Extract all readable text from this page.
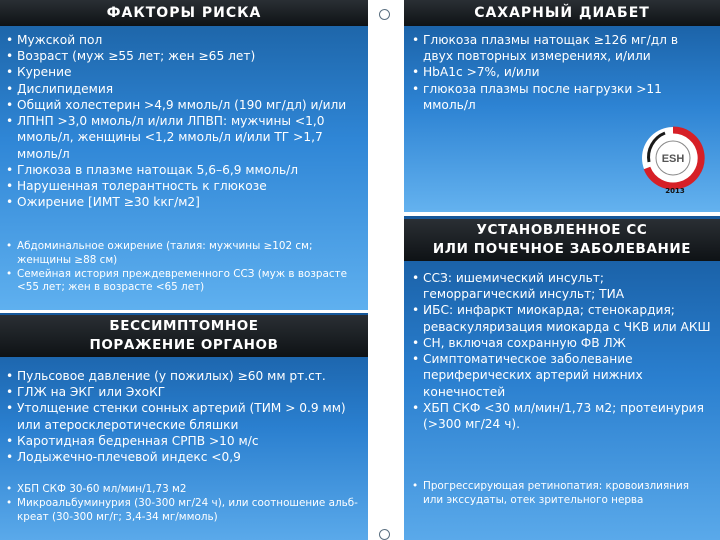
ФАКТОРЫ РИСКА
• Мужской пол
• Возраст (муж ≥55 лет; жен ≥65 лет)
• Курение
• Дислипидемия
• Общий холестерин >4,9 ммоль/л (190 мг/дл) и/или
• ЛПНП >3,0 ммоль/л и/или ЛПВП: мужчины <1,0 ммоль/л, женщины <1,2 ммоль/л и/или ТГ >1,7 ммоль/л
• Глюкоза в плазме натощак 5,6–6,9 ммоль/л
• Нарушенная толерантность к глюкозе
• Ожирение [ИМТ ≥30 kкг/м2]
• Абдоминальное ожирение (талия: мужчины ≥102 см; женщины ≥88 см)
• Семейная история преждевременного ССЗ (муж в возрасте <55 лет; жен в возрасте <65 лет)
БЕССИМПТОМНОЕ
ПОРАЖЕНИЕ ОРГАНОВ
• Пульсовое давление (у пожилых) ≥60 мм рт.ст.
• ГЛЖ на ЭКГ или ЭхоКГ
• Утолщение стенки сонных артерий (ТИМ > 0.9 мм) или атеросклеротические бляшки
• Каротидная бедренная СРПВ >10 м/с
• Лодыжечно-плечевой индекс <0,9
• ХБП СКФ 30-60 мл/мин/1,73 м2
• Микроальбуминурия (30-300 мг/24 ч), или соотношение альб-креат (30-300 мг/г; 3,4-34 мг/ммоль)
САХАРНЫЙ ДИАБЕТ
• Глюкоза плазмы натощак ≥126 мг/дл в двух повторных измерениях, и/или
• HbA1c >7%, и/или
• глюкоза плазмы после нагрузки >11 ммоль/л
ESH
2013
УСТАНОВЛЕННОЕ СС
ИЛИ ПОЧЕЧНОЕ ЗАБОЛЕВАНИЕ
• ССЗ: ишемический инсульт; геморрагический инсульт; ТИА
• ИБС: инфаркт миокарда; стенокардия; реваскуляризация миокарда с ЧКВ или АКШ
• СН, включая сохранную ФВ ЛЖ
• Симптоматическое заболевание периферических артерий нижних конечностей
• ХБП СКФ <30 мл/мин/1,73 м2; протеинурия (>300 мг/24 ч).
• Прогрессирующая ретинопатия: кровоизлияния или экссудаты, отек зрительного нерва
